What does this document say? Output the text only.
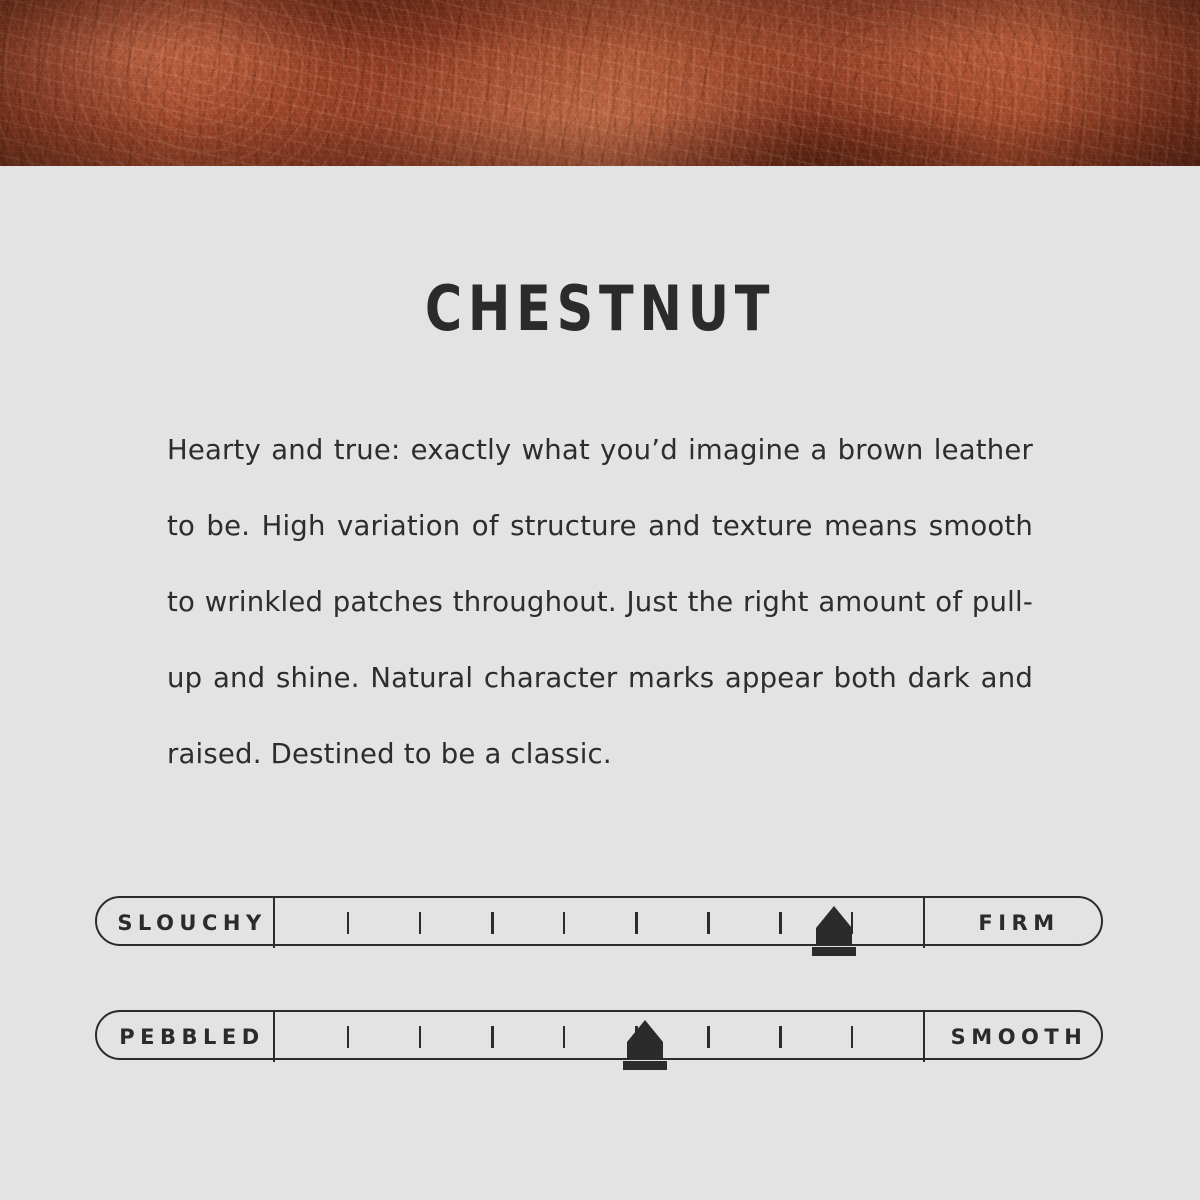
CHESTNUT
Hearty and true: exactly what you’d imagine a brown leather to be. High variation of structure and texture means smooth to wrinkled patches throughout. Just the right amount of pull-up and shine. Natural character marks appear both dark and raised. Destined to be a classic.
SLOUCHY	FIRM
PEBBLED	SMOOTH
